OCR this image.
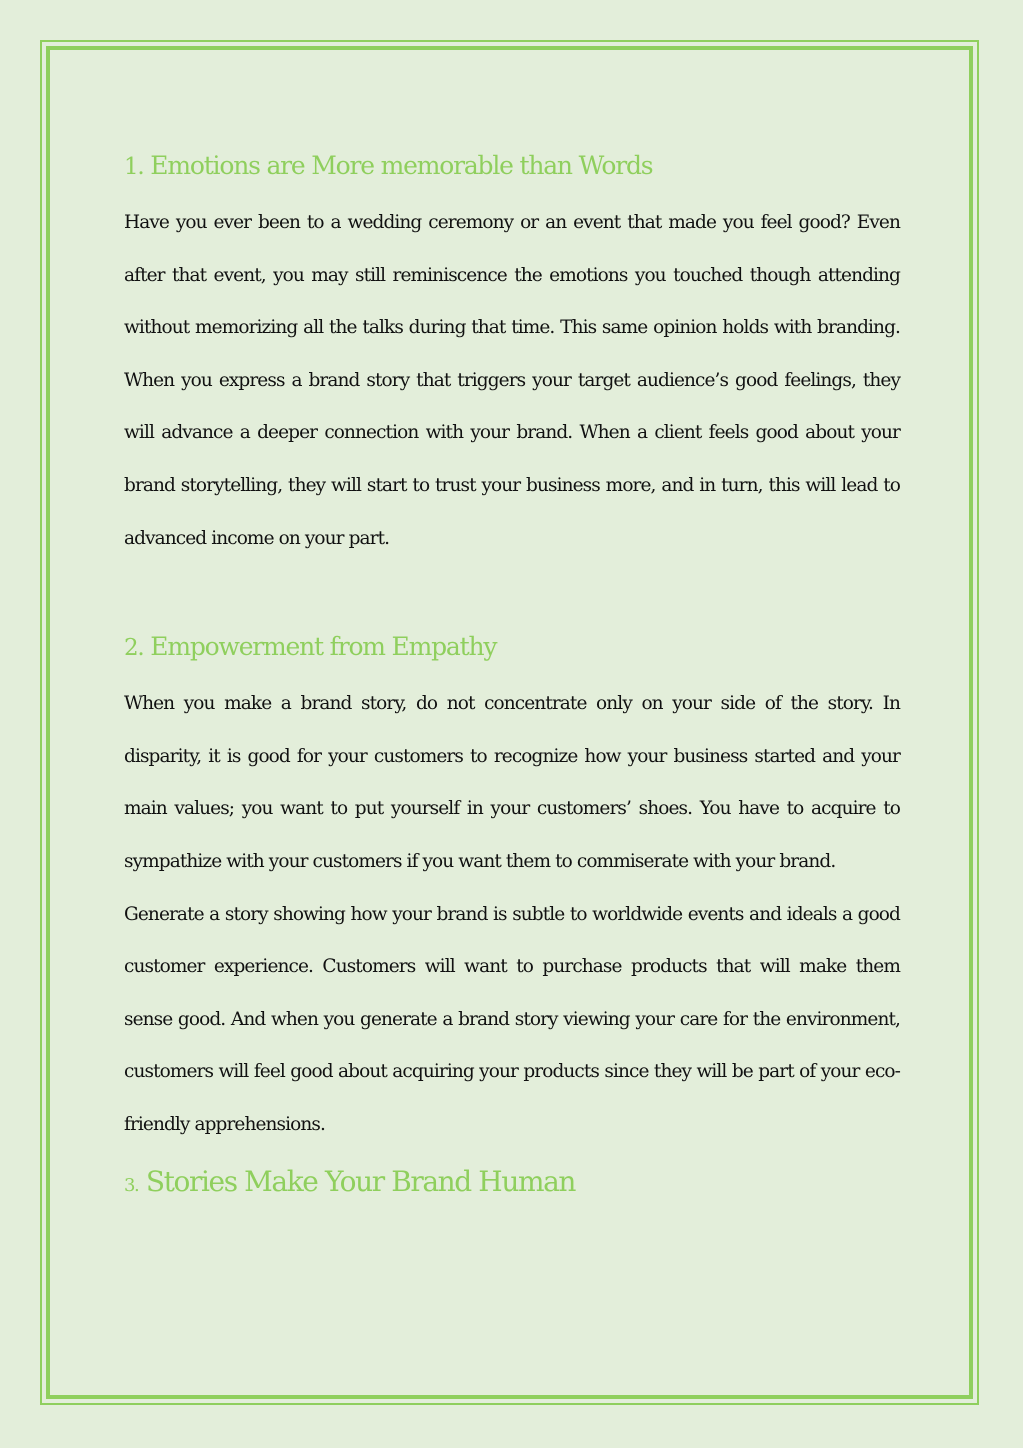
1. Emotions are More memorable than Words

Have you ever been to a wedding ceremony or an event that made you feel good? Even after that event, you may still reminiscence the emotions you touched though attending without memorizing all the talks during that time. This same opinion holds with branding. When you express a brand story that triggers your target audience’s good feelings, they will advance a deeper connection with your brand. When a client feels good about your brand storytelling, they will start to trust your business more, and in turn, this will lead to advanced income on your part.

2. Empowerment from Empathy

When you make a brand story, do not concentrate only on your side of the story. In disparity, it is good for your customers to recognize how your business started and your main values; you want to put yourself in your customers’ shoes. You have to acquire to sympathize with your customers if you want them to commiserate with your brand.

Generate a story showing how your brand is subtle to worldwide events and ideals a good customer experience. Customers will want to purchase products that will make them sense good. And when you generate a brand story viewing your care for the environment, customers will feel good about acquiring your products since they will be part of your eco-friendly apprehensions.

3. Stories Make Your Brand Human
